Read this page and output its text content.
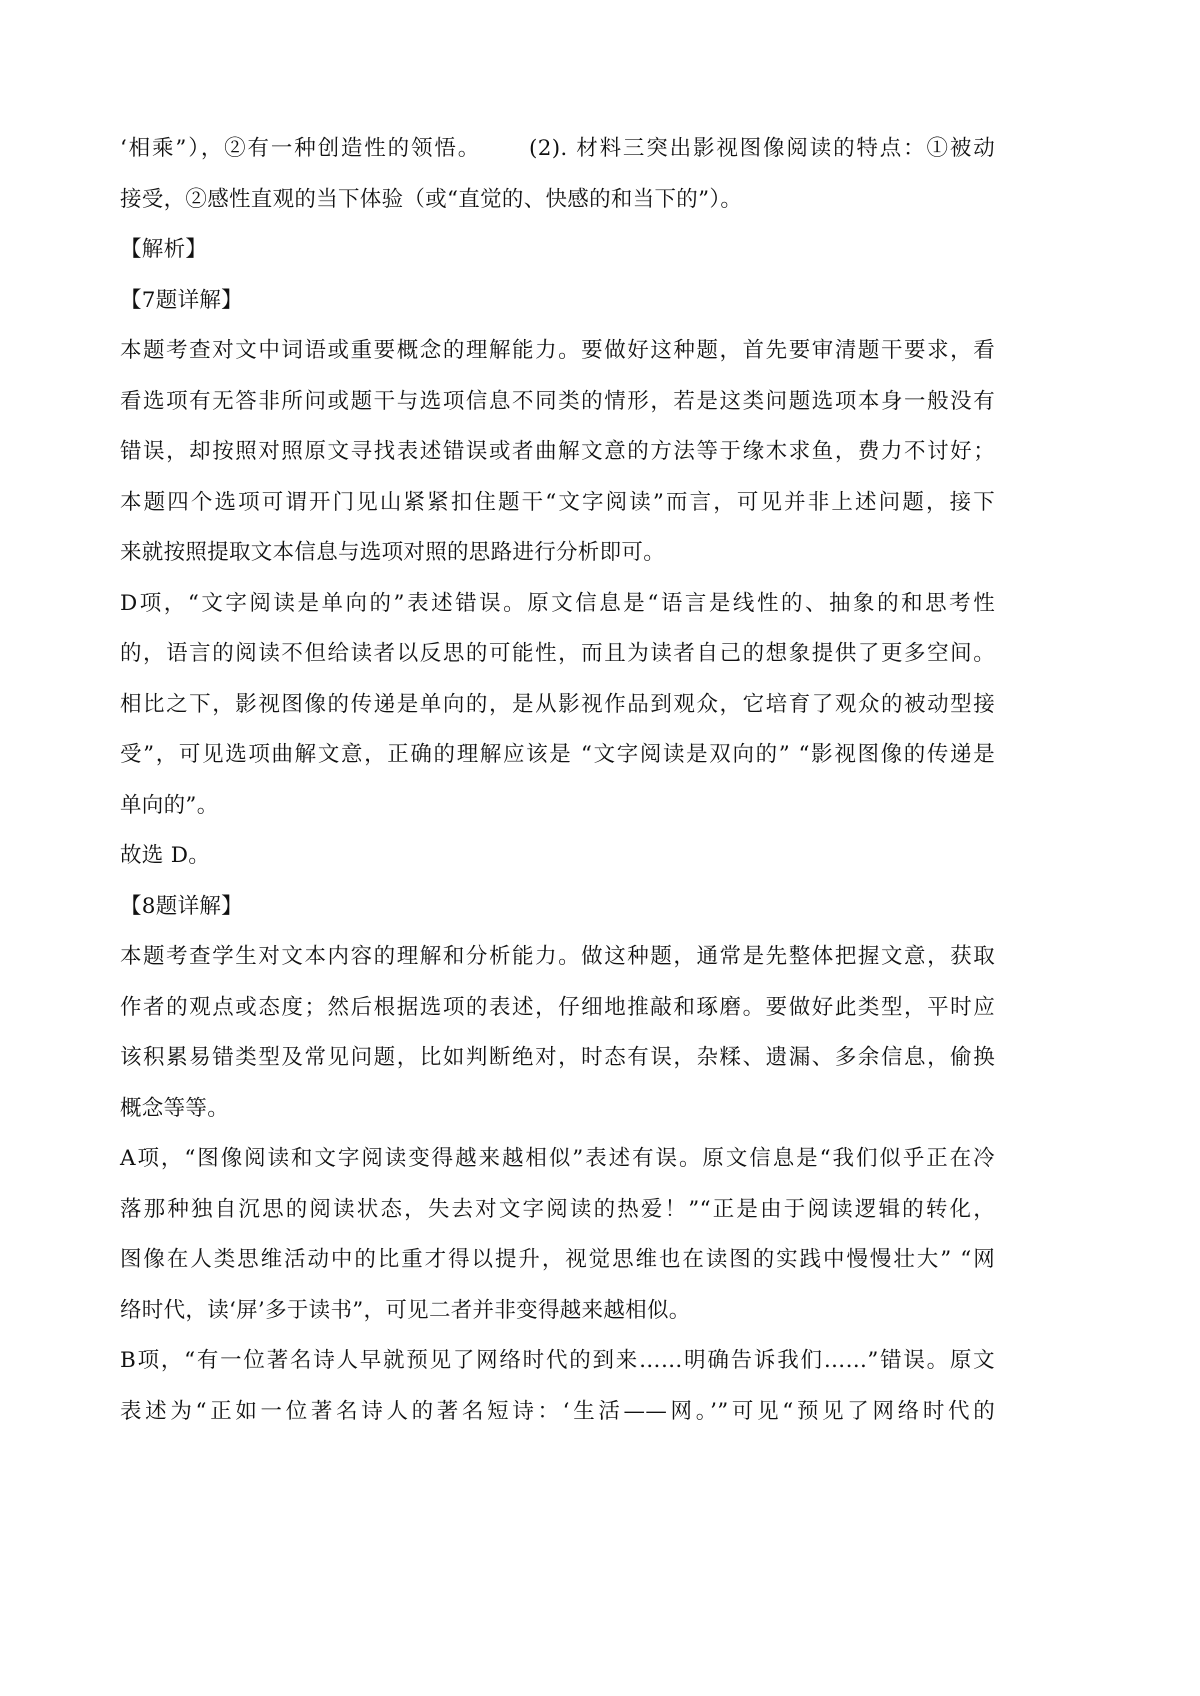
‘相乘”），②有一种创造性的领悟。 (2). 材料三突出影视图像阅读的特点：①被动

接受，②感性直观的当下体验（或“直觉的、快感的和当下的”）。

【解析】

【7题详解】

本题考查对文中词语或重要概念的理解能力。要做好这种题，首先要审清题干要求，看

看选项有无答非所问或题干与选项信息不同类的情形，若是这类问题选项本身一般没有

错误，却按照对照原文寻找表述错误或者曲解文意的方法等于缘木求鱼，费力不讨好；

本题四个选项可谓开门见山紧紧扣住题干“文字阅读”而言，可见并非上述问题，接下

来就按照提取文本信息与选项对照的思路进行分析即可。

D项，“文字阅读是单向的”表述错误。原文信息是“语言是线性的、抽象的和思考性

的，语言的阅读不但给读者以反思的可能性，而且为读者自己的想象提供了更多空间。

相比之下，影视图像的传递是单向的，是从影视作品到观众，它培育了观众的被动型接

受”，可见选项曲解文意，正确的理解应该是 “文字阅读是双向的” “影视图像的传递是

单向的”。

故选 D。

【8题详解】

本题考查学生对文本内容的理解和分析能力。做这种题，通常是先整体把握文意，获取

作者的观点或态度；然后根据选项的表述，仔细地推敲和琢磨。要做好此类型，平时应

该积累易错类型及常见问题，比如判断绝对，时态有误，杂糅、遗漏、多余信息，偷换

概念等等。

A项，“图像阅读和文字阅读变得越来越相似”表述有误。原文信息是“我们似乎正在冷

落那种独自沉思的阅读状态，失去对文字阅读的热爱！”“正是由于阅读逻辑的转化，

图像在人类思维活动中的比重才得以提升，视觉思维也在读图的实践中慢慢壮大” “网

络时代，读‘屏’多于读书”，可见二者并非变得越来越相似。

B项，“有一位著名诗人早就预见了网络时代的到来……明确告诉我们……”错误。原文

表述为“正如一位著名诗人的著名短诗：‘生活——网。’”可见“预见了网络时代的
